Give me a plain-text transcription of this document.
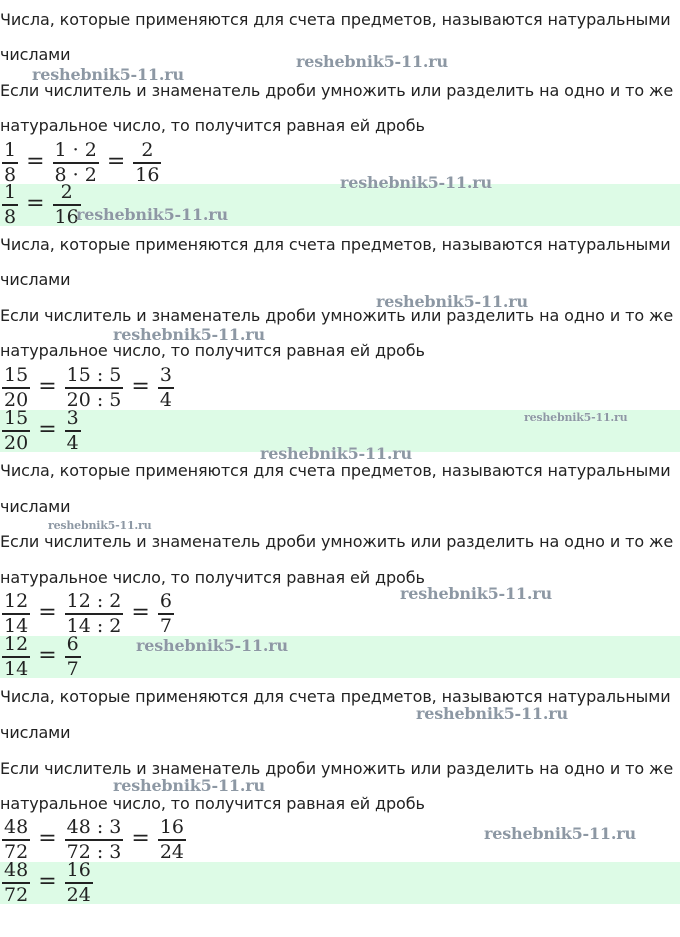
Числа, которые применяются для счета предметов, называются натуральными
числами
Если числитель и знаменатель дроби умножить или разделить на одно и то же
натуральное число, то получится равная ей дробь
$\frac{1}{8} = \frac{1 \cdot 2}{8 \cdot 2} = \frac{2}{16}$
$\frac{1}{8} = \frac{2}{16}$
Числа, которые применяются для счета предметов, называются натуральными
числами
Если числитель и знаменатель дроби умножить или разделить на одно и то же
натуральное число, то получится равная ей дробь
$\frac{15}{20} = \frac{15 : 5}{20 : 5} = \frac{3}{4}$
$\frac{15}{20} = \frac{3}{4}$
Числа, которые применяются для счета предметов, называются натуральными
числами
Если числитель и знаменатель дроби умножить или разделить на одно и то же
натуральное число, то получится равная ей дробь
$\frac{12}{14} = \frac{12 : 2}{14 : 2} = \frac{6}{7}$
$\frac{12}{14} = \frac{6}{7}$
Числа, которые применяются для счета предметов, называются натуральными
числами
Если числитель и знаменатель дроби умножить или разделить на одно и то же
натуральное число, то получится равная ей дробь
$\frac{48}{72} = \frac{48 : 3}{72 : 3} = \frac{16}{24}$
$\frac{48}{72} = \frac{16}{24}$
reshebnik5-11.ru
reshebnik5-11.ru
reshebnik5-11.ru
reshebnik5-11.ru
reshebnik5-11.ru
reshebnik5-11.ru
reshebnik5-11.ru
reshebnik5-11.ru
reshebnik5-11.ru
reshebnik5-11.ru
reshebnik5-11.ru
reshebnik5-11.ru
reshebnik5-11.ru
reshebnik5-11.ru
